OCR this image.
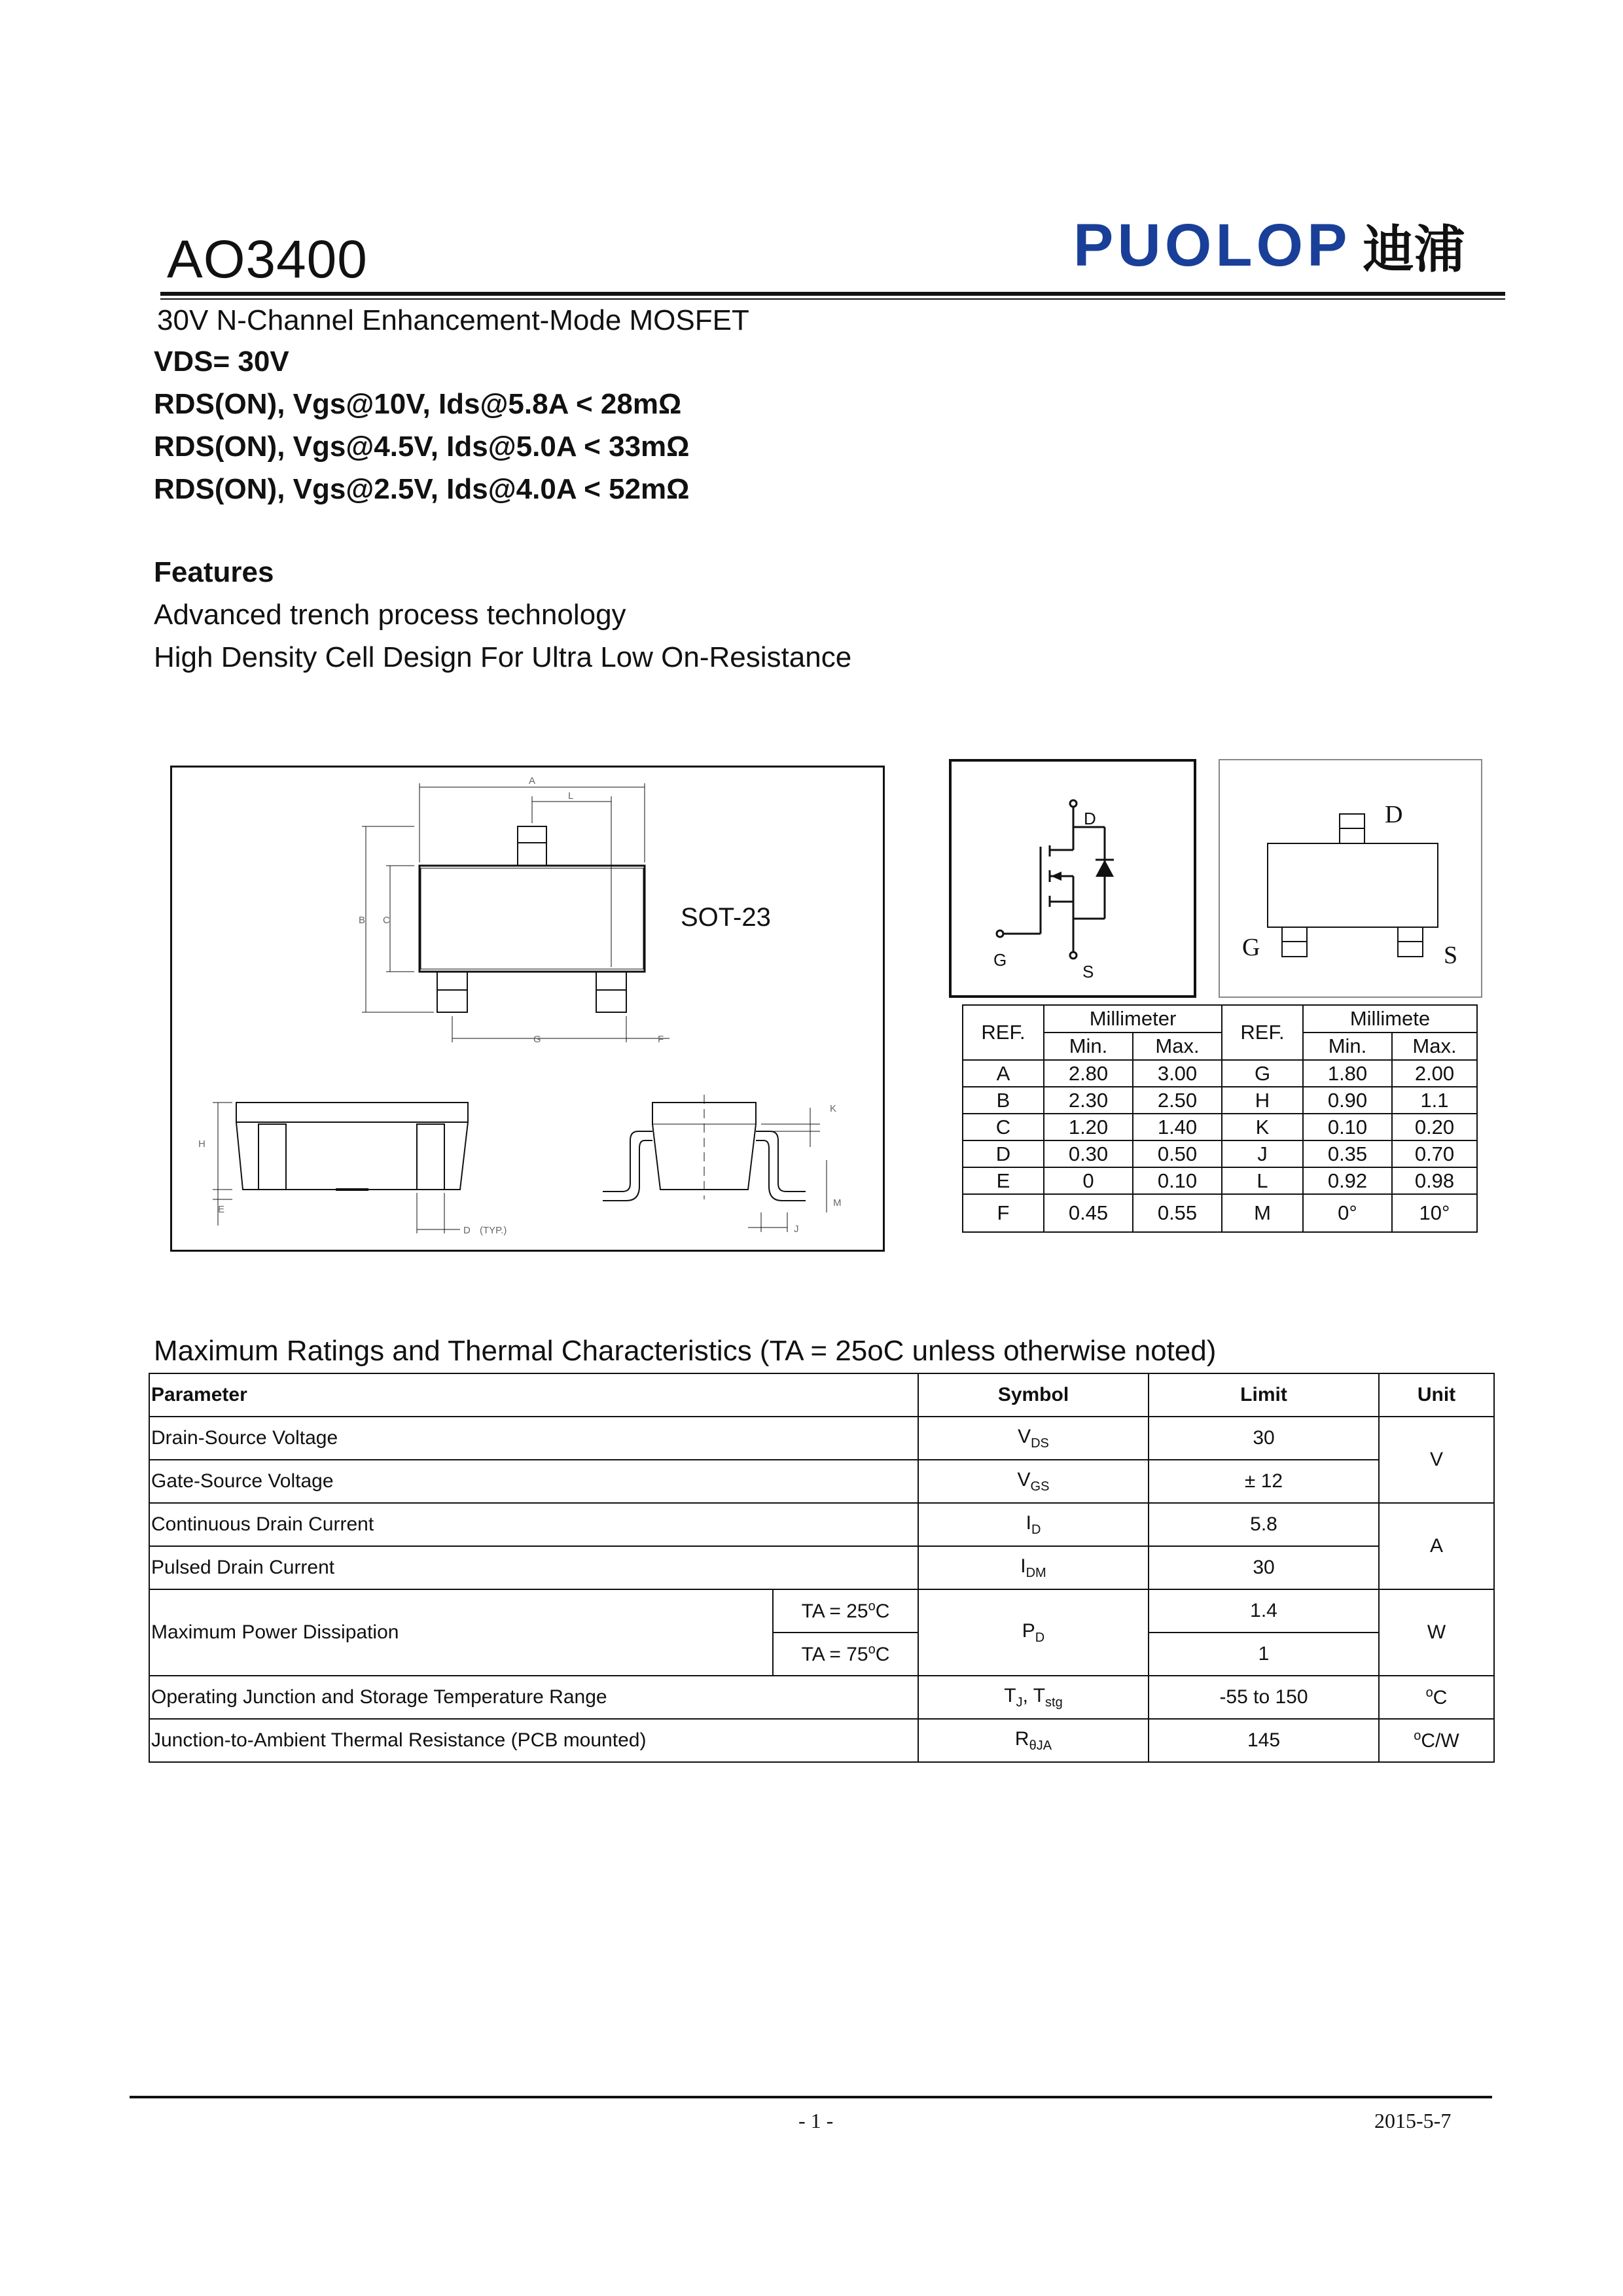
AO3400	PUOLOP 迪浦
30V N-Channel Enhancement-Mode MOSFET
VDS= 30V
RDS(ON), Vgs@10V, Ids@5.8A < 28mΩ
RDS(ON), Vgs@4.5V, Ids@5.0A < 33mΩ
RDS(ON), Vgs@2.5V, Ids@4.0A < 52mΩ
Features
Advanced trench process technology
High Density Cell Design For Ultra Low On-Resistance
A
L
B C
G	F
H
K
E
D (TYP.)	J
M
SOT-23
D
G
S
D
G	S
REF.	Millimeter		REF.	Millimete	
	Min.	Max.		Min.	Max.
A	2.80	3.00	G	1.80	2.00
B	2.30	2.50	H	0.90	1.1
C	1.20	1.40	K	0.10	0.20
D	0.30	0.50	J	0.35	0.70
E	0	0.10	L	0.92	0.98
F	0.45	0.55	M	0°	10°
Maximum Ratings and Thermal Characteristics (TA = 25oC unless otherwise noted)
Parameter		Symbol	Limit	Unit
Drain-Source Voltage		$V_{DS}$	30	V
Gate-Source Voltage		$V_{GS}$	± 12	
Continuous Drain Current		$I_D$	5.8	A
Pulsed Drain Current		$I_{DM}$	30	
Maximum Power Dissipation	TA = $25^oC$	$P_D$	1.4	W
	TA = $75^oC$		1	
Operating Junction and Storage Temperature Range		$T_J$, $T_{stg}$	-55 to 150	$^o$C
Junction-to-Ambient Thermal Resistance (PCB mounted)		$R_{\theta JA}$	145	$^o$C/W
- 1 -	2015-5-7
